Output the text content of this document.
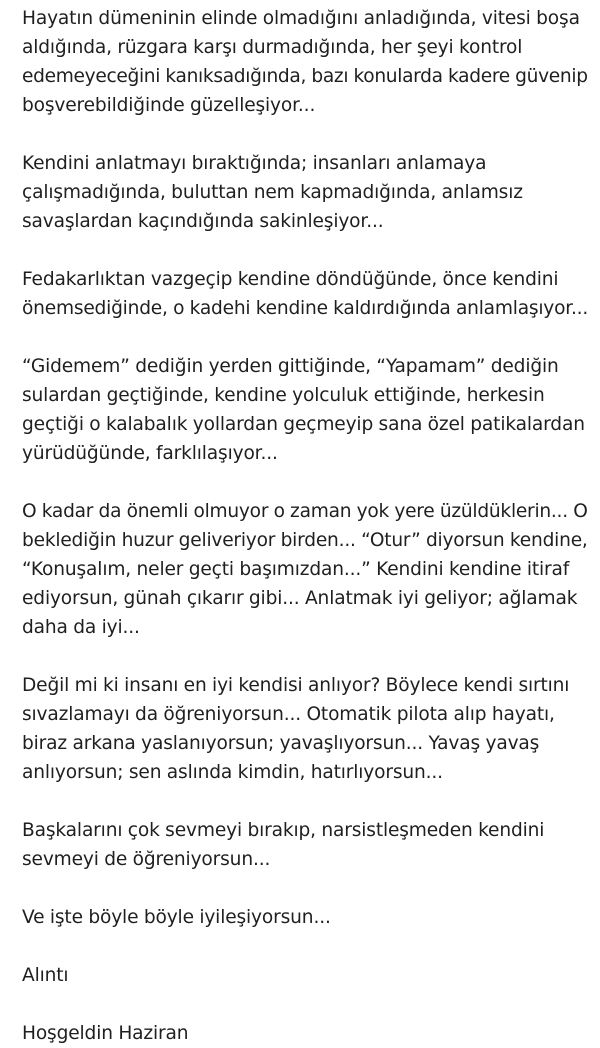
Hayatın dümeninin elinde olmadığını anladığında, vitesi boşa
aldığında, rüzgara karşı durmadığında, her şeyi kontrol
edemeyeceğini kanıksadığında, bazı konularda kadere güvenip
boşverebildiğinde güzelleşiyor...

Kendini anlatmayı bıraktığında; insanları anlamaya
çalışmadığında, buluttan nem kapmadığında, anlamsız
savaşlardan kaçındığında sakinleşiyor...

Fedakarlıktan vazgeçip kendine döndüğünde, önce kendini
önemsediğinde, o kadehi kendine kaldırdığında anlamlaşıyor...

“Gidemem” dediğin yerden gittiğinde, “Yapamam” dediğin
sulardan geçtiğinde, kendine yolculuk ettiğinde, herkesin
geçtiği o kalabalık yollardan geçmeyip sana özel patikalardan
yürüdüğünde, farklılaşıyor...

O kadar da önemli olmuyor o zaman yok yere üzüldüklerin... O
beklediğin huzur geliveriyor birden... “Otur” diyorsun kendine,
“Konuşalım, neler geçti başımızdan...” Kendini kendine itiraf
ediyorsun, günah çıkarır gibi... Anlatmak iyi geliyor; ağlamak
daha da iyi...

Değil mi ki insanı en iyi kendisi anlıyor? Böylece kendi sırtını
sıvazlamayı da öğreniyorsun... Otomatik pilota alıp hayatı,
biraz arkana yaslanıyorsun; yavaşlıyorsun... Yavaş yavaş
anlıyorsun; sen aslında kimdin, hatırlıyorsun...

Başkalarını çok sevmeyi bırakıp, narsistleşmeden kendini
sevmeyi de öğreniyorsun...

Ve işte böyle böyle iyileşiyorsun...

Alıntı

Hoşgeldin Haziran
